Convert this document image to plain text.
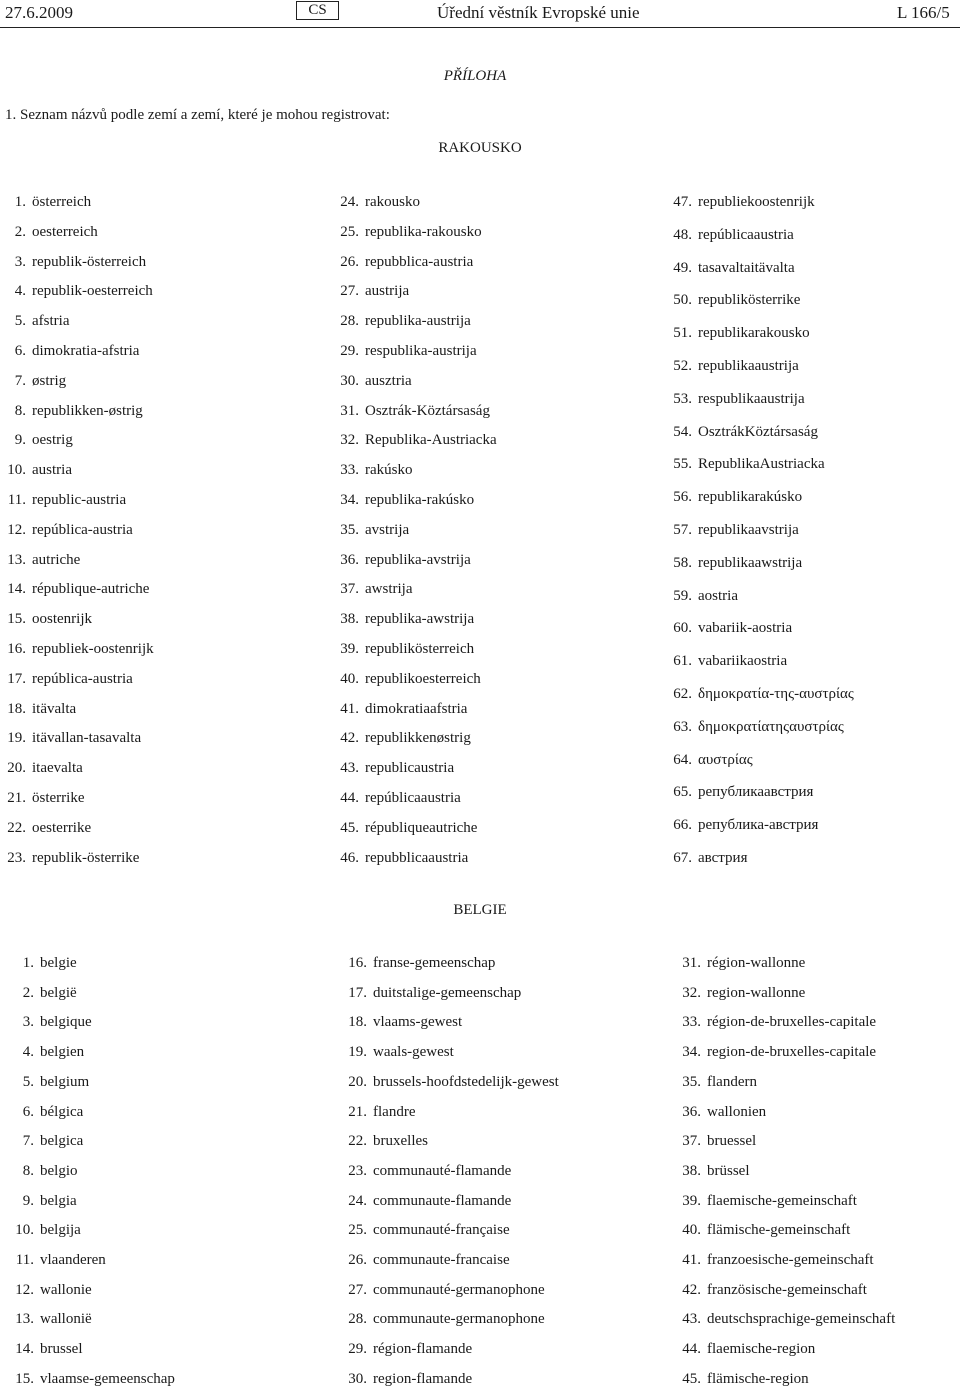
27.6.2009	CS	Úřední věstník Evropské unie	L 166/5
PŘÍLOHA
1. Seznam názvů podle zemí a zemí, které je mohou registrovat:
RAKOUSKO
1. österreich
2. oesterreich
3. republik-österreich
4. republik-oesterreich
5. afstria
6. dimokratia-afstria
7. østrig
8. republikken-østrig
9. oestrig
10. austria
11. republic-austria
12. república-austria
13. autriche
14. république-autriche
15. oostenrijk
16. republiek-oostenrijk
17. república-austria
18. itävalta
19. itävallan-tasavalta
20. itaevalta
21. österrike
22. oesterrike
23. republik-österrike
24. rakousko
25. republika-rakousko
26. repubblica-austria
27. austrija
28. republika-austrija
29. respublika-austrija
30. ausztria
31. Osztrák-Köztársaság
32. Republika-Austriacka
33. rakúsko
34. republika-rakúsko
35. avstrija
36. republika-avstrija
37. awstrija
38. republika-awstrija
39. republikösterreich
40. republikoesterreich
41. dimokratiaafstria
42. republikkenøstrig
43. republicaustria
44. repúblicaaustria
45. républiqueautriche
46. repubblicaaustria
47. republiekoostenrijk
48. repúblicaaustria
49. tasavaltaitävalta
50. republikösterrike
51. republikarakousko
52. republikaaustrija
53. respublikaaustrija
54. OsztrákKöztársaság
55. RepublikaAustriacka
56. republikarakúsko
57. republikaavstrija
58. republikaawstrija
59. aostria
60. vabariik-aostria
61. vabariikaostria
62. δημοκρατία-της-αυστρίας
63. δημοκρατίατηςαυστρίας
64. αυστρίας
65. републикаавстрия
66. република-австрия
67. австрия
BELGIE
1. belgie
2. belgië
3. belgique
4. belgien
5. belgium
6. bélgica
7. belgica
8. belgio
9. belgia
10. belgija
11. vlaanderen
12. wallonie
13. wallonië
14. brussel
15. vlaamse-gemeenschap
16. franse-gemeenschap
17. duitstalige-gemeenschap
18. vlaams-gewest
19. waals-gewest
20. brussels-hoofdstedelijk-gewest
21. flandre
22. bruxelles
23. communauté-flamande
24. communaute-flamande
25. communauté-française
26. communaute-francaise
27. communauté-germanophone
28. communaute-germanophone
29. région-flamande
30. region-flamande
31. région-wallonne
32. region-wallonne
33. région-de-bruxelles-capitale
34. region-de-bruxelles-capitale
35. flandern
36. wallonien
37. bruessel
38. brüssel
39. flaemische-gemeinschaft
40. flämische-gemeinschaft
41. franzoesische-gemeinschaft
42. französische-gemeinschaft
43. deutschsprachige-gemeinschaft
44. flaemische-region
45. flämische-region
